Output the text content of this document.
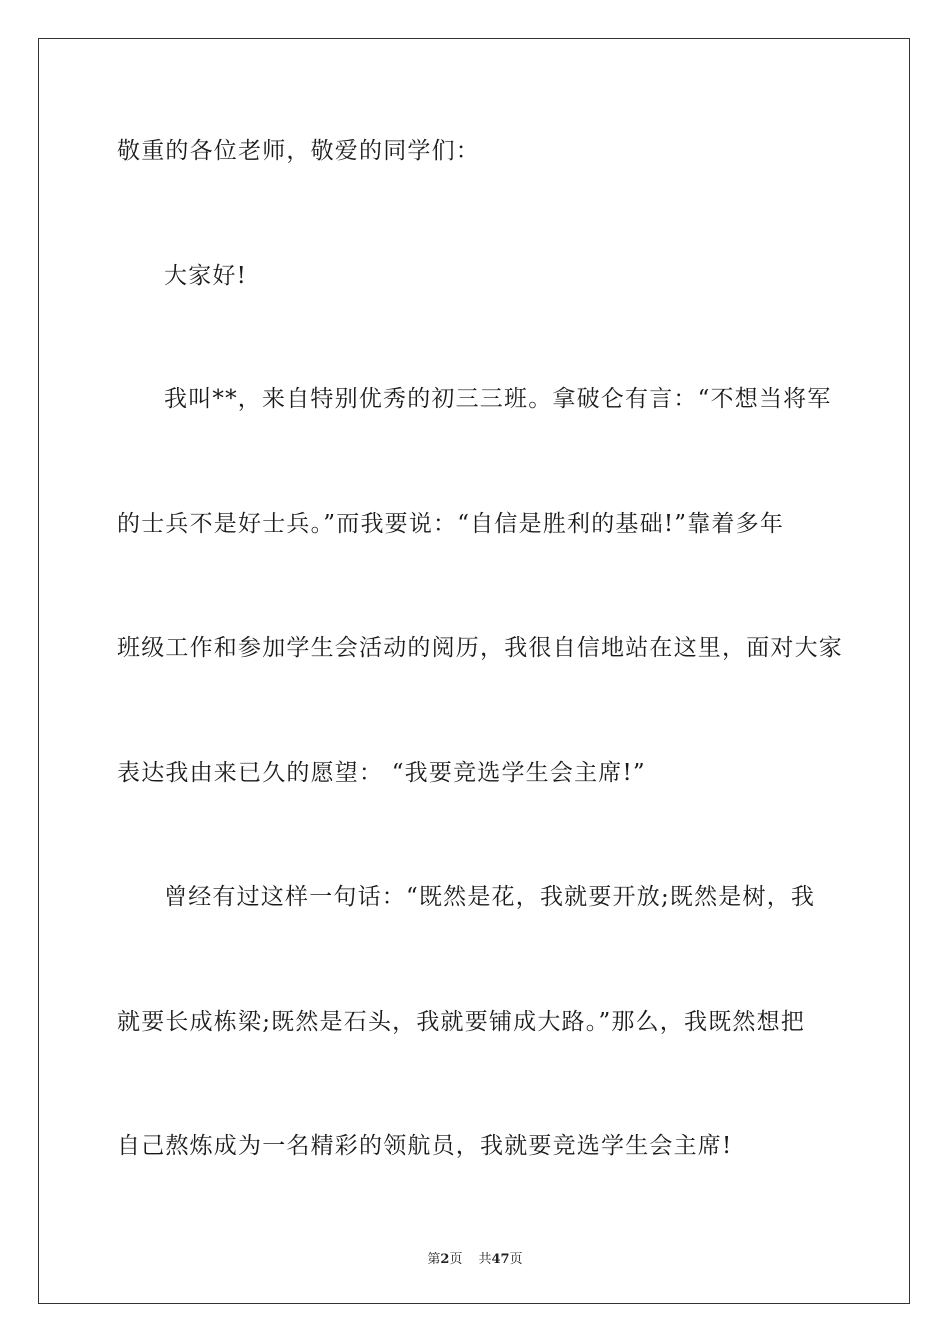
敬重的各位老师，敬爱的同学们：
大家好!
我叫**，来自特别优秀的初三三班。拿破仑有言：“不想当将军
的士兵不是好士兵。”而我要说：“自信是胜利的基础!”靠着多年
班级工作和参加学生会活动的阅历，我很自信地站在这里，面对大家
表达我由来已久的愿望： “我要竞选学生会主席!”
曾经有过这样一句话：“既然是花，我就要开放;既然是树，我
就要长成栋梁;既然是石头，我就要铺成大路。”那么，我既然想把
自己熬炼成为一名精彩的领航员，我就要竞选学生会主席!
第2页 共47页
